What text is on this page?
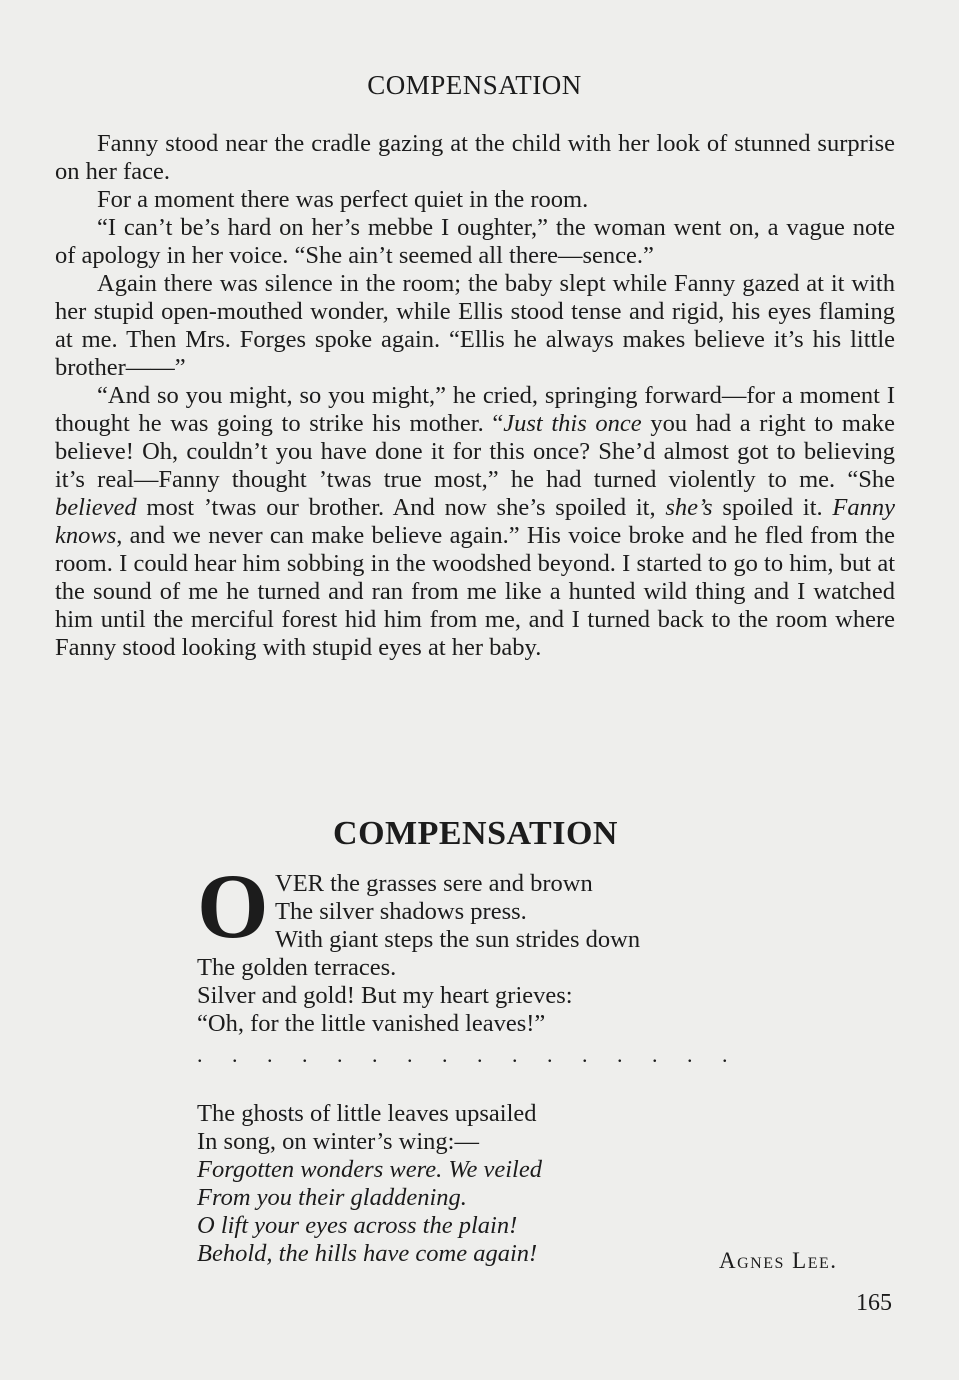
COMPENSATION

Fanny stood near the cradle gazing at the child with her look of stunned surprise on her face.

For a moment there was perfect quiet in the room.

“I can’t be’s hard on her’s mebbe I oughter,” the woman went on, a vague note of apology in her voice. “She ain’t seemed all there—sence.”

Again there was silence in the room; the baby slept while Fanny gazed at it with her stupid open-mouthed wonder, while Ellis stood tense and rigid, his eyes flaming at me. Then Mrs. Forges spoke again. “Ellis he always makes believe it’s his little brother——”

“And so you might, so you might,” he cried, springing forward—for a moment I thought he was going to strike his mother. “Just this once you had a right to make believe! Oh, couldn’t you have done it for this once? She’d almost got to believing it’s real—Fanny thought ’twas true most,” he had turned violently to me. “She believed most ’twas our brother. And now she’s spoiled it, she’s spoiled it. Fanny knows, and we never can make believe again.” His voice broke and he fled from the room. I could hear him sobbing in the woodshed beyond. I started to go to him, but at the sound of me he turned and ran from me like a hunted wild thing and I watched him until the merciful forest hid him from me, and I turned back to the room where Fanny stood looking with stupid eyes at her baby.

COMPENSATION
O VER the grasses sere and brown
The silver shadows press.
With giant steps the sun strides down
The golden terraces.
Silver and gold! But my heart grieves:
“Oh, for the little vanished leaves!”
. . . . . . . . . . . . . . . .
The ghosts of little leaves upsailed
In song, on winter’s wing:—
Forgotten wonders were. We veiled
From you their gladdening.
O lift your eyes across the plain!
Behold, the hills have come again!	Agnes Lee.
165
